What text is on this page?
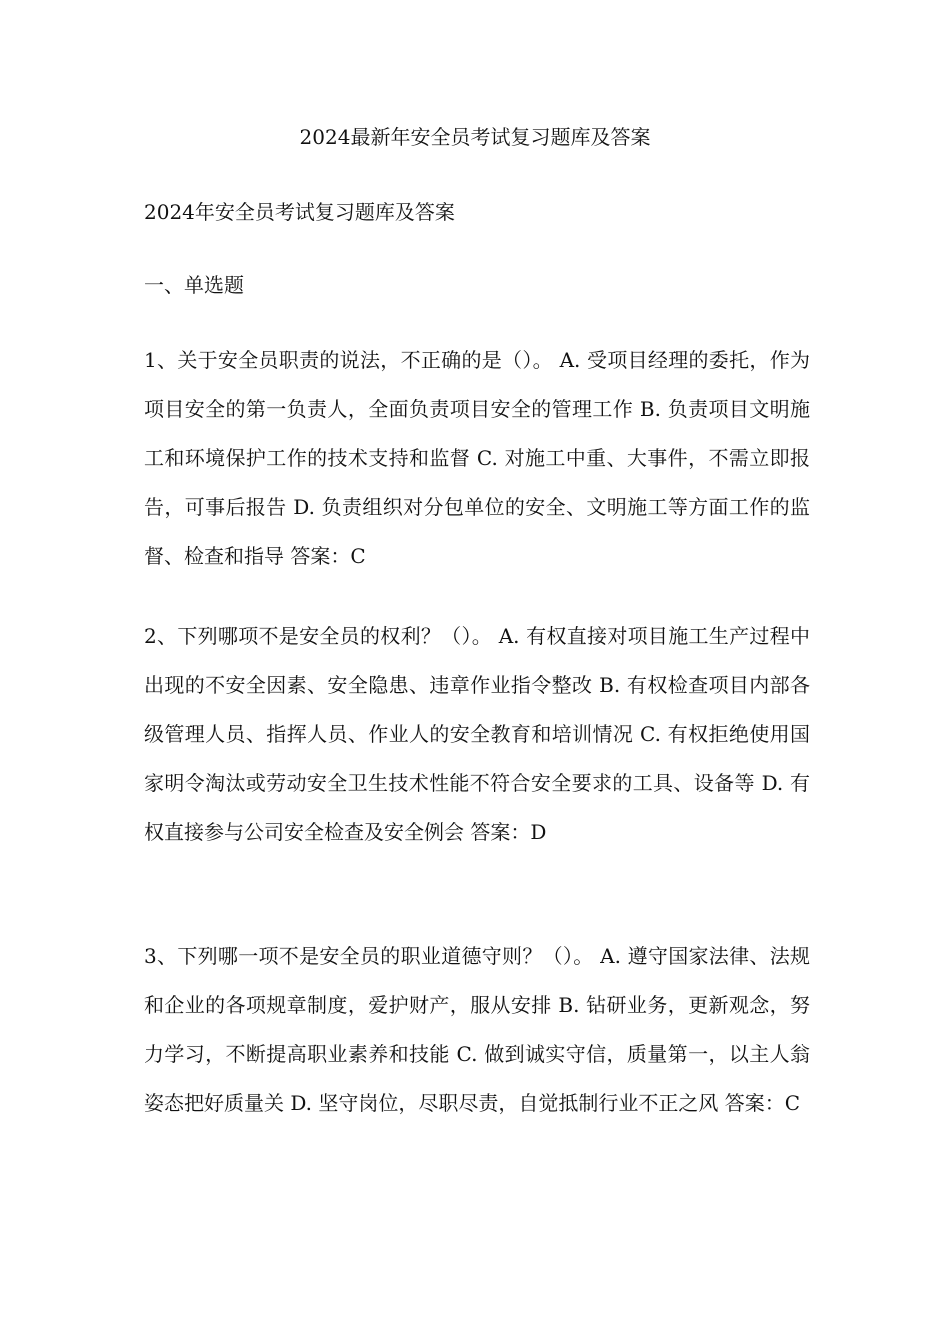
2024最新年安全员考试复习题库及答案
2024年安全员考试复习题库及答案
一、单选题

1、关于安全员职责的说法，不正确的是（）。 A. 受项目经理的委托，作为项目安全的第一负责人，全面负责项目安全的管理工作 B. 负责项目文明施工和环境保护工作的技术支持和监督 C. 对施工中重、大事件，不需立即报告，可事后报告 D. 负责组织对分包单位的安全、文明施工等方面工作的监督、检查和指导 答案：C

2、下列哪项不是安全员的权利？（）。 A. 有权直接对项目施工生产过程中出现的不安全因素、安全隐患、违章作业指令整改 B. 有权检查项目内部各级管理人员、指挥人员、作业人的安全教育和培训情况 C. 有权拒绝使用国家明令淘汰或劳动安全卫生技术性能不符合安全要求的工具、设备等 D. 有权直接参与公司安全检查及安全例会 答案：D

3、下列哪一项不是安全员的职业道德守则？（）。 A. 遵守国家法律、法规和企业的各项规章制度，爱护财产，服从安排 B. 钻研业务，更新观念，努力学习，不断提高职业素养和技能 C. 做到诚实守信，质量第一，以主人翁姿态把好质量关 D. 坚守岗位，尽职尽责，自觉抵制行业不正之风 答案：C
